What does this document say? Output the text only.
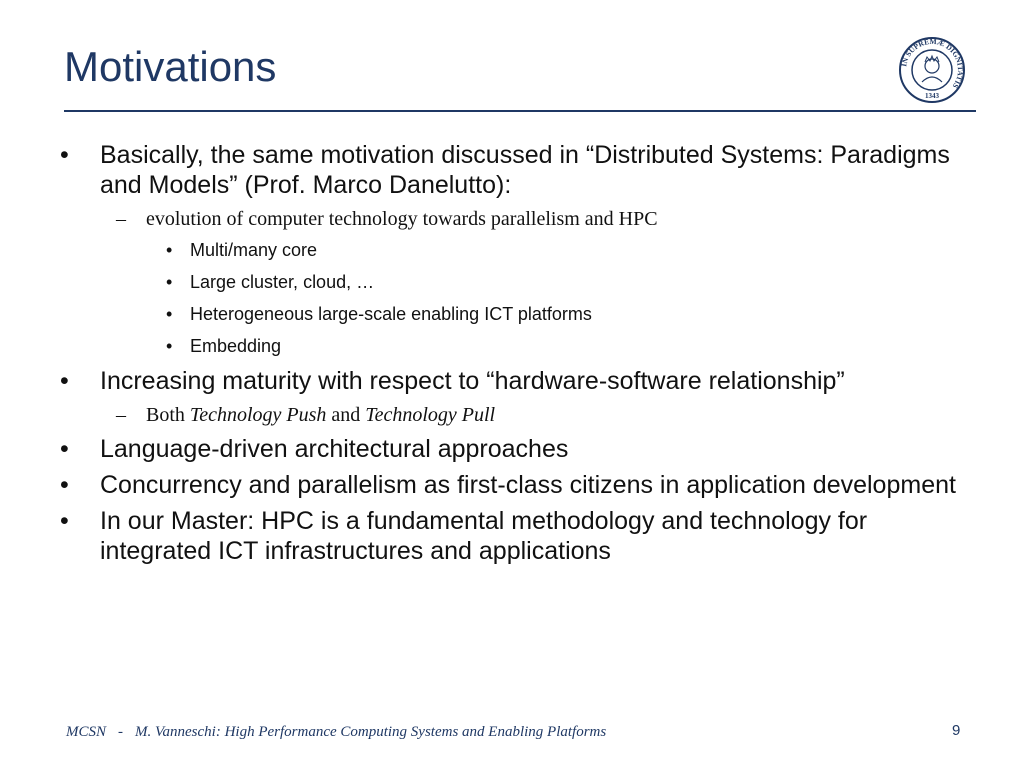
Motivations	IN SUPREMÆ DIGNITATIS
1343
• Basically, the same motivation discussed in “Distributed Systems: Paradigms and Models” (Prof. Marco Danelutto):
– evolution of computer technology towards parallelism and HPC
• Multi/many core
• Large cluster, cloud, …
• Heterogeneous large-scale enabling ICT platforms
• Embedding
• Increasing maturity with respect to “hardware-software relationship”
– Both Technology Push and Technology Pull
• Language-driven architectural approaches
• Concurrency and parallelism as first-class citizens in application development
• In our Master: HPC is a fundamental methodology and technology for integrated ICT infrastructures and applications
MCSN - M. Vanneschi: High Performance Computing Systems and Enabling Platforms	9
